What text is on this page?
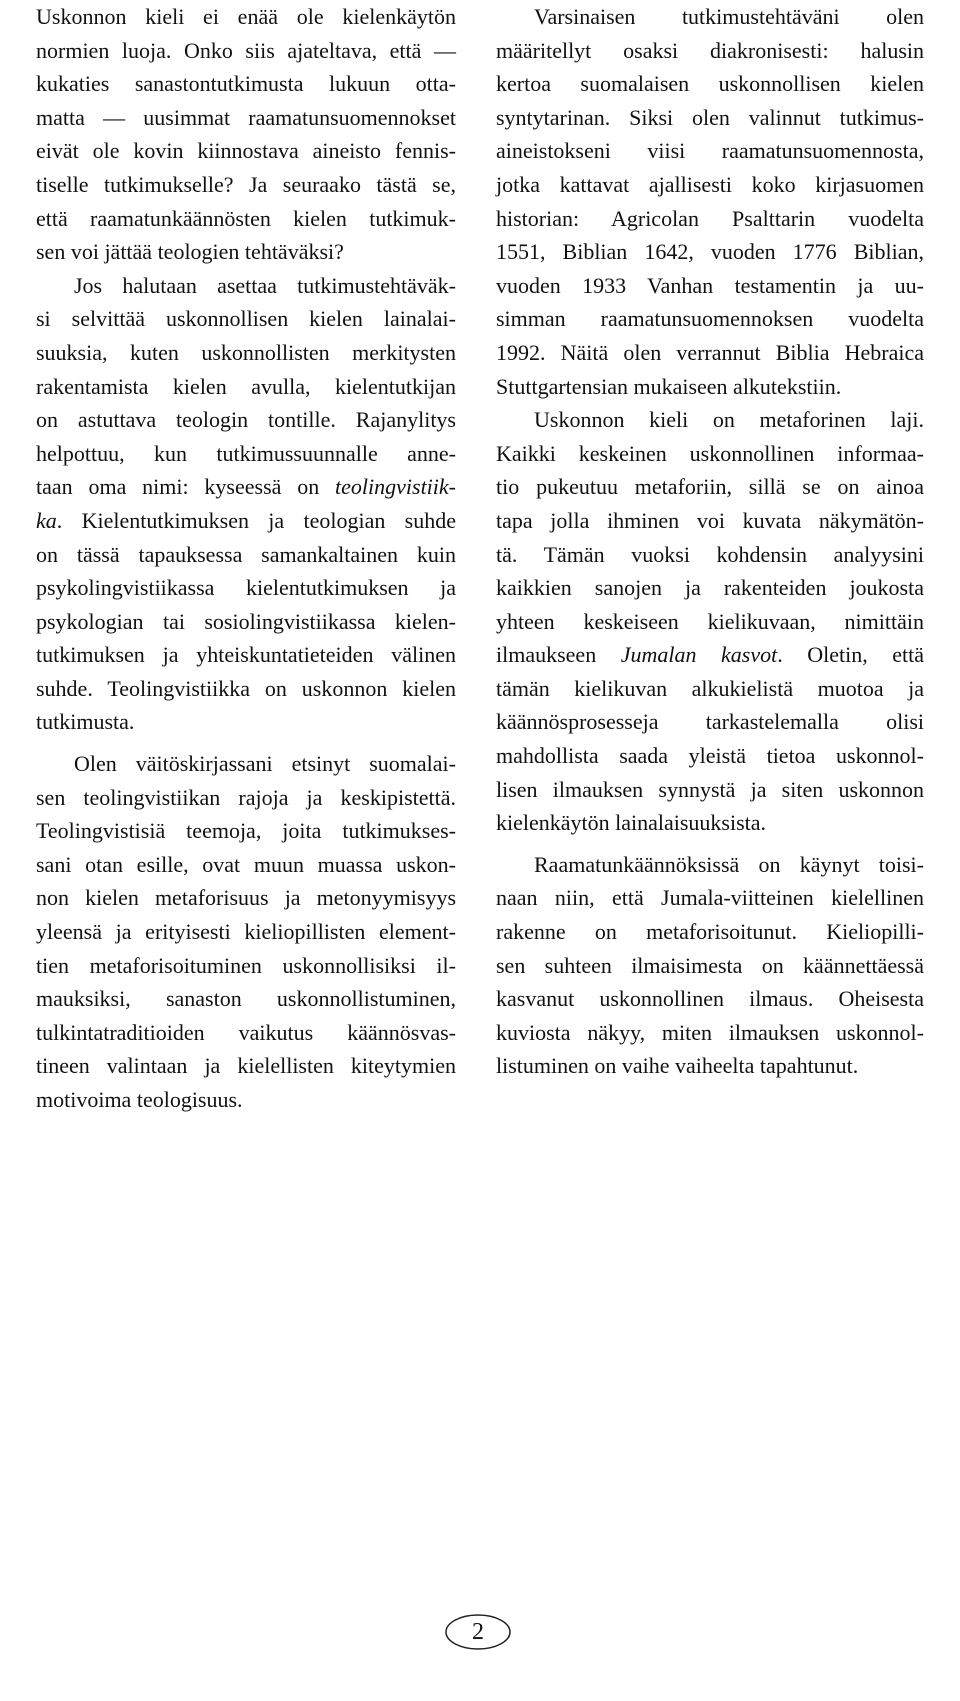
Uskonnon kieli ei enää ole kielenkäytön
normien luoja. Onko siis ajateltava, että —
kukaties sanastontutkimusta lukuun otta-
matta — uusimmat raamatunsuomennokset
eivät ole kovin kiinnostava aineisto fennis-
tiselle tutkimukselle? Ja seuraako tästä se,
että raamatunkäännösten kielen tutkimuk-
sen voi jättää teologien tehtäväksi?
Jos halutaan asettaa tutkimustehtäväk-
si selvittää uskonnollisen kielen lainalai-
suuksia, kuten uskonnollisten merkitysten
rakentamista kielen avulla, kielentutkijan
on astuttava teologin tontille. Rajanylitys
helpottuu, kun tutkimussuunnalle anne-
taan oma nimi: kyseessä on teolingvistiik-
ka. Kielentutkimuksen ja teologian suhde
on tässä tapauksessa samankaltainen kuin
psykolingvistiikassa kielentutkimuksen ja
psykologian tai sosiolingvistiikassa kielen-
tutkimuksen ja yhteiskuntatieteiden välinen
suhde. Teolingvistiikka on uskonnon kielen
tutkimusta.
Olen väitöskirjassani etsinyt suomalai-
sen teolingvistiikan rajoja ja keskipistettä.
Teolingvistisiä teemoja, joita tutkimukses-
sani otan esille, ovat muun muassa uskon-
non kielen metaforisuus ja metonyymisyys
yleensä ja erityisesti kieliopillisten element-
tien metaforisoituminen uskonnollisiksi il-
mauksiksi, sanaston uskonnollistuminen,
tulkintatraditioiden vaikutus käännösvas-
tineen valintaan ja kielellisten kiteytymien
motivoima teologisuus.
Varsinaisen tutkimustehtäväni olen
määritellyt osaksi diakronisesti: halusin
kertoa suomalaisen uskonnollisen kielen
syntytarinan. Siksi olen valinnut tutkimus-
aineistokseni viisi raamatunsuomennosta,
jotka kattavat ajallisesti koko kirjasuomen
historian: Agricolan Psalttarin vuodelta
1551, Biblian 1642, vuoden 1776 Biblian,
vuoden 1933 Vanhan testamentin ja uu-
simman raamatunsuomennoksen vuodelta
1992. Näitä olen verrannut Biblia Hebraica
Stuttgartensian mukaiseen alkutekstiin.
Uskonnon kieli on metaforinen laji.
Kaikki keskeinen uskonnollinen informaa-
tio pukeutuu metaforiin, sillä se on ainoa
tapa jolla ihminen voi kuvata näkymätön-
tä. Tämän vuoksi kohdensin analyysini
kaikkien sanojen ja rakenteiden joukosta
yhteen keskeiseen kielikuvaan, nimittäin
ilmaukseen Jumalan kasvot. Oletin, että
tämän kielikuvan alkukielistä muotoa ja
käännösprosesseja tarkastelemalla olisi
mahdollista saada yleistä tietoa uskonnol-
lisen ilmauksen synnystä ja siten uskonnon
kielenkäytön lainalaisuuksista.
Raamatunkäännöksissä on käynyt toisi-
naan niin, että Jumala-viitteinen kielellinen
rakenne on metaforisoitunut. Kieliopilli-
sen suhteen ilmaisimesta on käännettäessä
kasvanut uskonnollinen ilmaus. Oheisesta
kuviosta näkyy, miten ilmauksen uskonnol-
listuminen on vaihe vaiheelta tapahtunut.
2
